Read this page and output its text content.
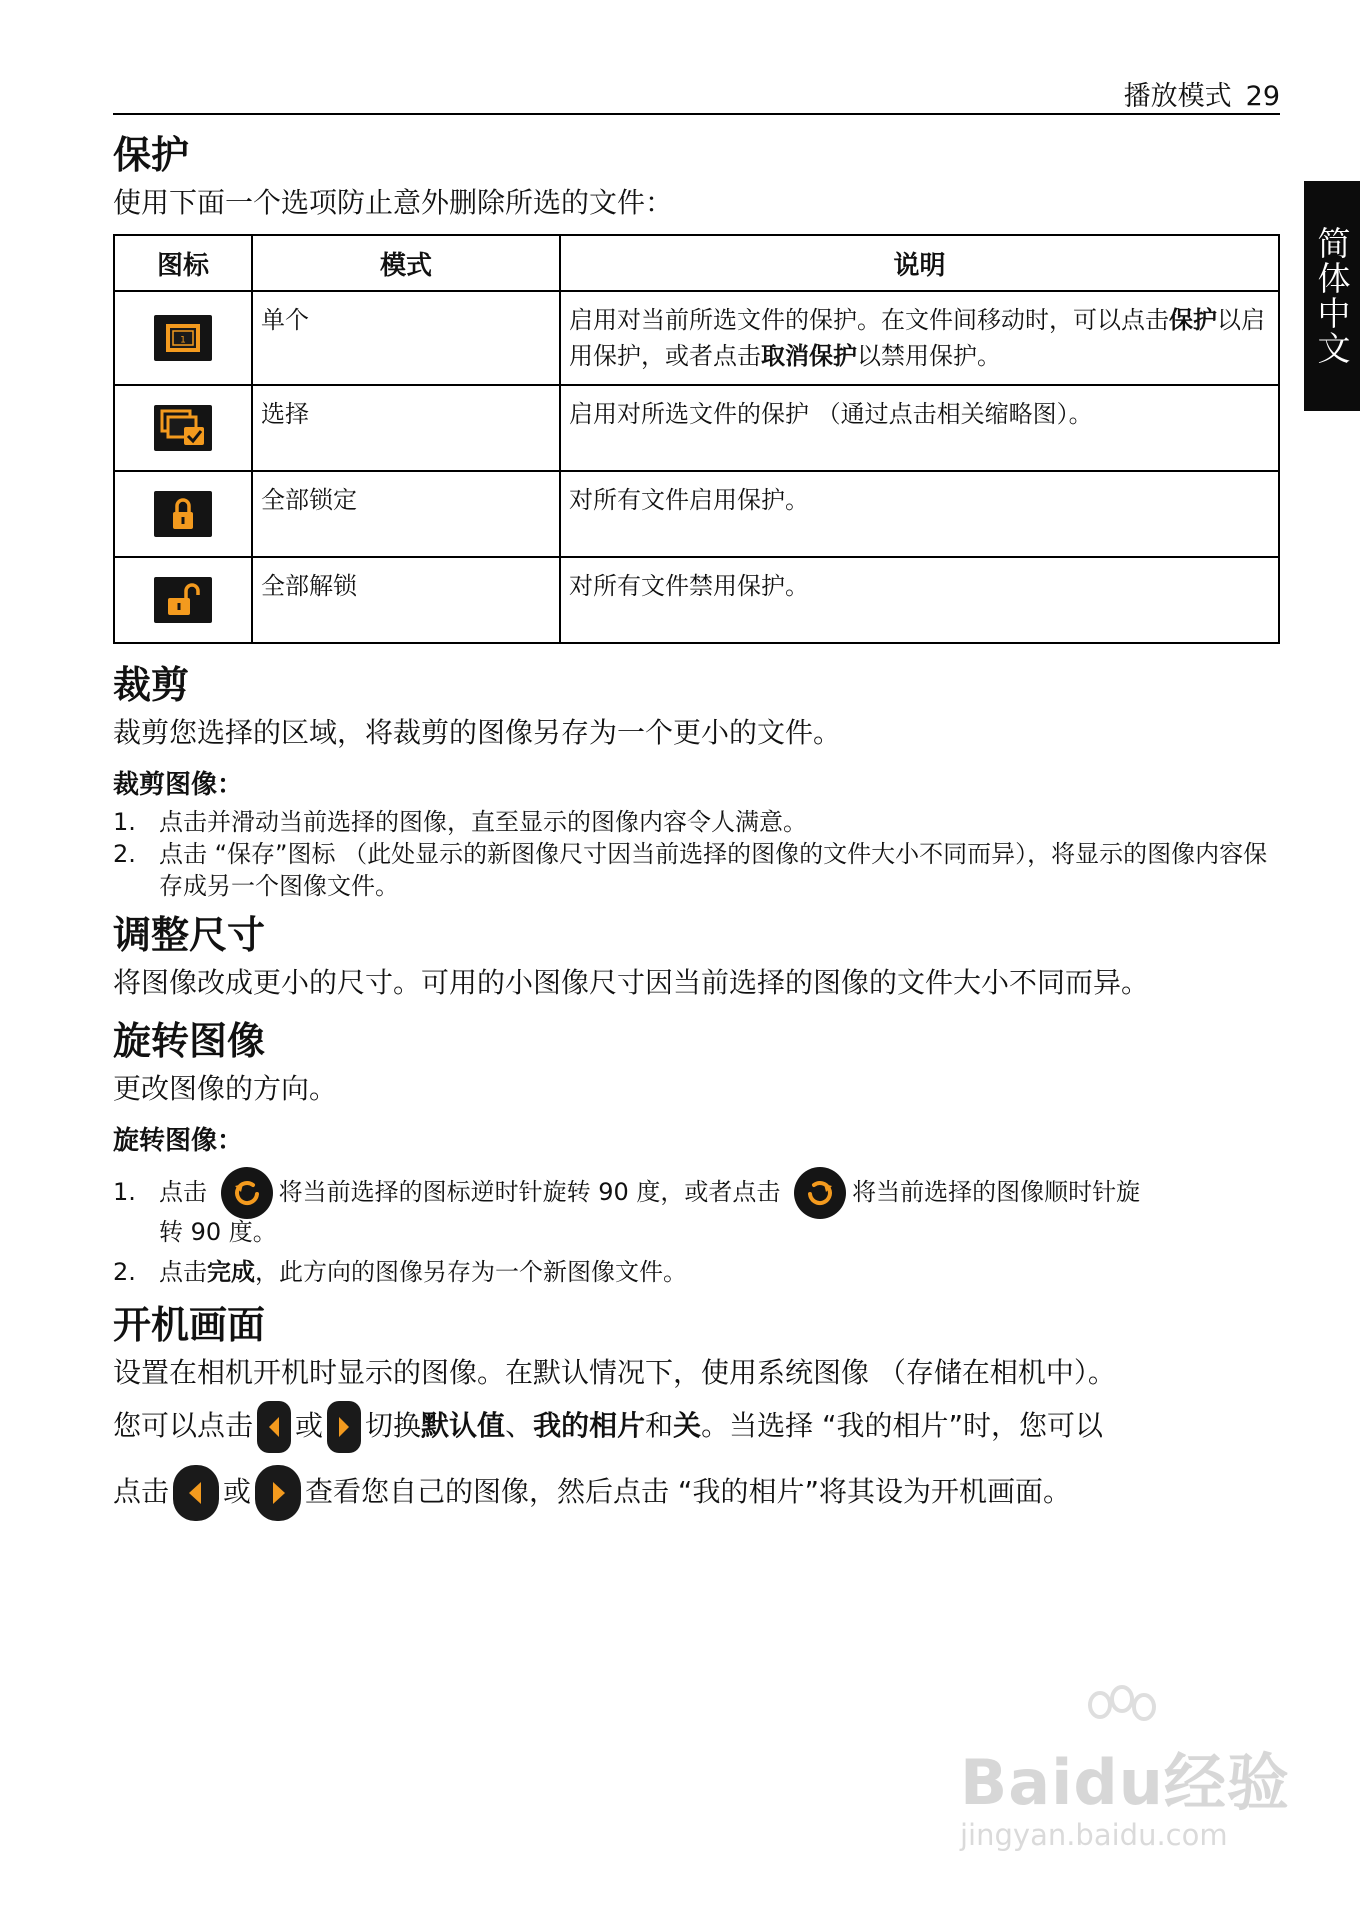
播放模式 29
简体中文
保护

使用下面一个选项防止意外删除所选的文件：

图标	模式	说明

1	单个	启用对当前所选文件的保护。在文件间移动时，可以点击保护以启用保护，或者点击取消保护以禁用保护。

	选择	启用对所选文件的保护 （通过点击相关缩略图）。

	全部锁定	对所有文件启用保护。

	全部解锁	对所有文件禁用保护。
裁剪

裁剪您选择的区域，将裁剪的图像另存为一个更小的文件。

裁剪图像：

1. 点击并滑动当前选择的图像，直至显示的图像内容令人满意。
2. 点击 “保存”图标 （此处显示的新图像尺寸因当前选择的图像的文件大小不同而异），将显示的图像内容保存成另一个图像文件。
调整尺寸

将图像改成更小的尺寸。可用的小图像尺寸因当前选择的图像的文件大小不同而异。

旋转图像

更改图像的方向。

旋转图像：

1. 点击	将当前选择的图标逆时针旋转 90 度，或者点击	将当前选择的图像顺时针旋
转 90 度。
2. 点击完成，此方向的图像另存为一个新图像文件。
开机画面

设置在相机开机时显示的图像。在默认情况下，使用系统图像 （存储在相机中）。

您可以点击 或 切换默认值、我的相片和关。当选择 “我的相片”时，您可以

点击 或 查看您自己的图像，然后点击 “我的相片”将其设为开机画面。

Baidu经验
jingyan.baidu.com
